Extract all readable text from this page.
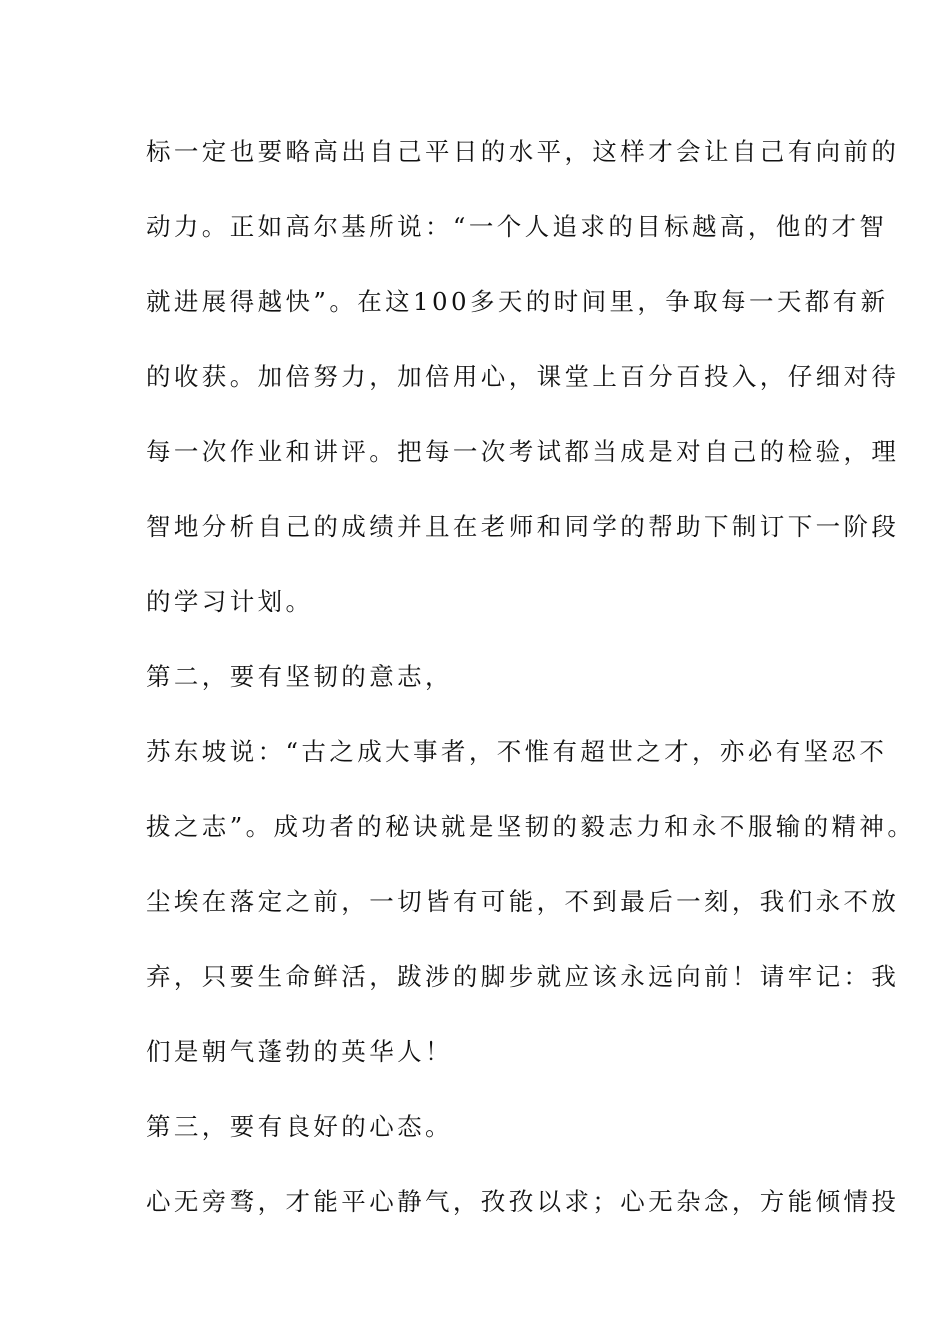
标一定也要略高出自己平日的水平，这样才会让自己有向前的
动力。正如高尔基所说：“一个人追求的目标越高，他的才智
就进展得越快”。在这100多天的时间里，争取每一天都有新
的收获。加倍努力，加倍用心，课堂上百分百投入，仔细对待
每一次作业和讲评。把每一次考试都当成是对自己的检验，理
智地分析自己的成绩并且在老师和同学的帮助下制订下一阶段
的学习计划。
第二，要有坚韧的意志，
苏东坡说：“古之成大事者，不惟有超世之才，亦必有坚忍不
拔之志”。成功者的秘诀就是坚韧的毅志力和永不服输的精神。
尘埃在落定之前，一切皆有可能，不到最后一刻，我们永不放
弃，只要生命鲜活，跋涉的脚步就应该永远向前！请牢记：我
们是朝气蓬勃的英华人！
第三，要有良好的心态。
心无旁骛，才能平心静气，孜孜以求；心无杂念，方能倾情投
